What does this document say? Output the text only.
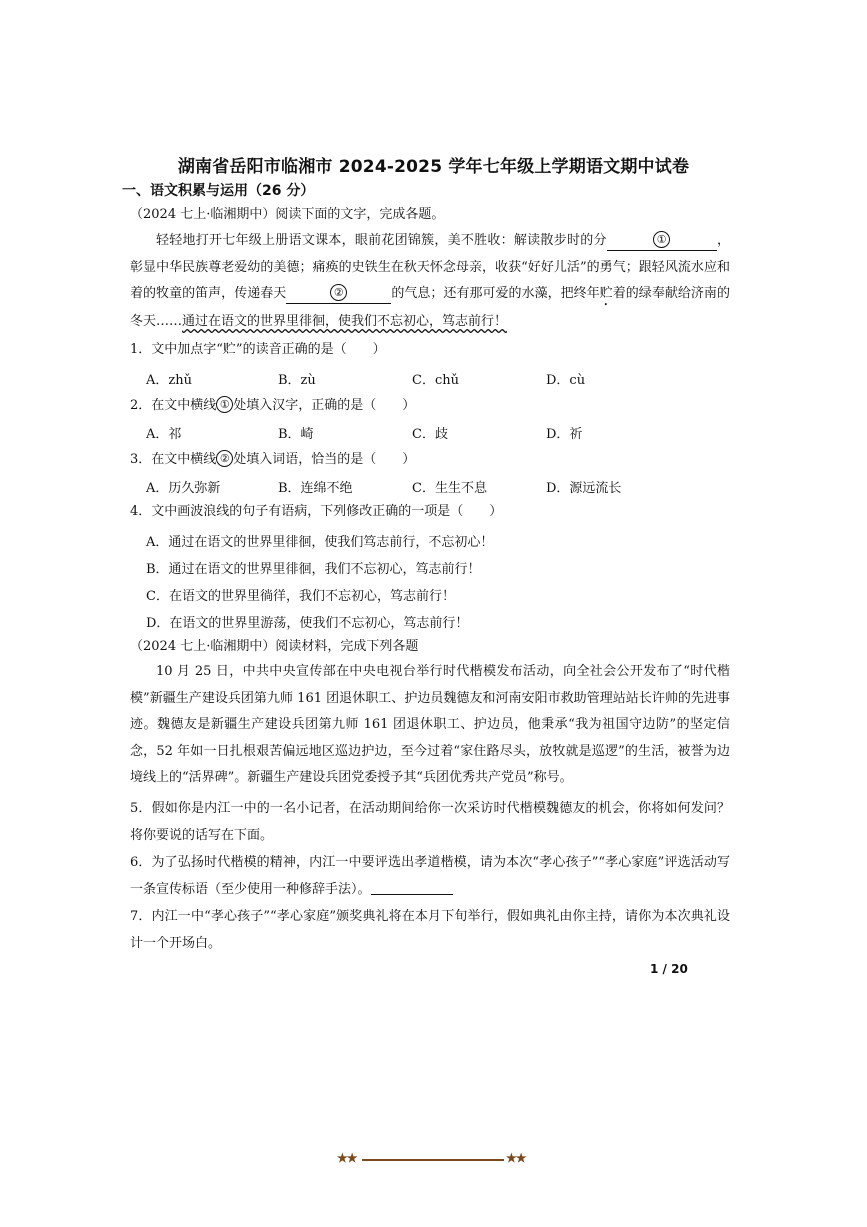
湖南省岳阳市临湘市 2024-2025 学年七年级上学期语文期中试卷
一、语文积累与运用（26 分）
（2024 七上·临湘期中）阅读下面的文字，完成各题。
轻轻地打开七年级上册语文课本，眼前花团锦簇，美不胜收：解读散步时的分	①	，彰显中华民族尊老爱幼的美德；痛痪的史铁生在秋天怀念母亲，收获“好好儿活”的勇气；跟轻风流水应和着的牧童的笛声，传递春天	②	的气息；还有那可爱的水藻，把终年贮着的绿奉献给济南的冬天……通过在语文的世界里徘徊，使我们不忘初心，笃志前行！
1．文中加点字“贮”的读音正确的是（　　）
A．zhǔ	B．zù	C．chǔ	D．cù
2．在文中横线 ① 处填入汉字，正确的是（　　）
A．祁	B．崎	C．歧	D．祈
3．在文中横线 ② 处填入词语，恰当的是（　　）
A．历久弥新	B．连绵不绝	C．生生不息	D．源远流长
4．文中画波浪线的句子有语病，下列修改正确的一项是（　　）
A．通过在语文的世界里徘徊，使我们笃志前行，不忘初心！
B．通过在语文的世界里徘徊，我们不忘初心，笃志前行！
C．在语文的世界里徜徉，我们不忘初心，笃志前行！
D．在语文的世界里游荡，使我们不忘初心，笃志前行！
（2024 七上·临湘期中）阅读材料，完成下列各题
10 月 25 日，中共中央宣传部在中央电视台举行时代楷模发布活动，向全社会公开发布了“时代楷模”新疆生产建设兵团第九师 161 团退休职工、护边员魏德友和河南安阳市救助管理站站长许帅的先进事迹。魏德友是新疆生产建设兵团第九师 161 团退休职工、护边员，他秉承“我为祖国守边防”的坚定信念，52 年如一日扎根艰苦偏远地区巡边护边，至今过着“家住路尽头，放牧就是巡逻”的生活，被誉为边境线上的“活界碑”。新疆生产建设兵团党委授予其“兵团优秀共产党员”称号。
5．假如你是内江一中的一名小记者，在活动期间给你一次采访时代楷模魏德友的机会，你将如何发问？将你要说的话写在下面。
6．为了弘扬时代楷模的精神，内江一中要评选出孝道楷模，请为本次“孝心孩子”“孝心家庭”评选活动写一条宣传标语（至少使用一种修辞手法）。
7．内江一中“孝心孩子”“孝心家庭”颁奖典礼将在本月下旬举行，假如典礼由你主持，请你为本次典礼设计一个开场白。
1 / 20
★★	★★
